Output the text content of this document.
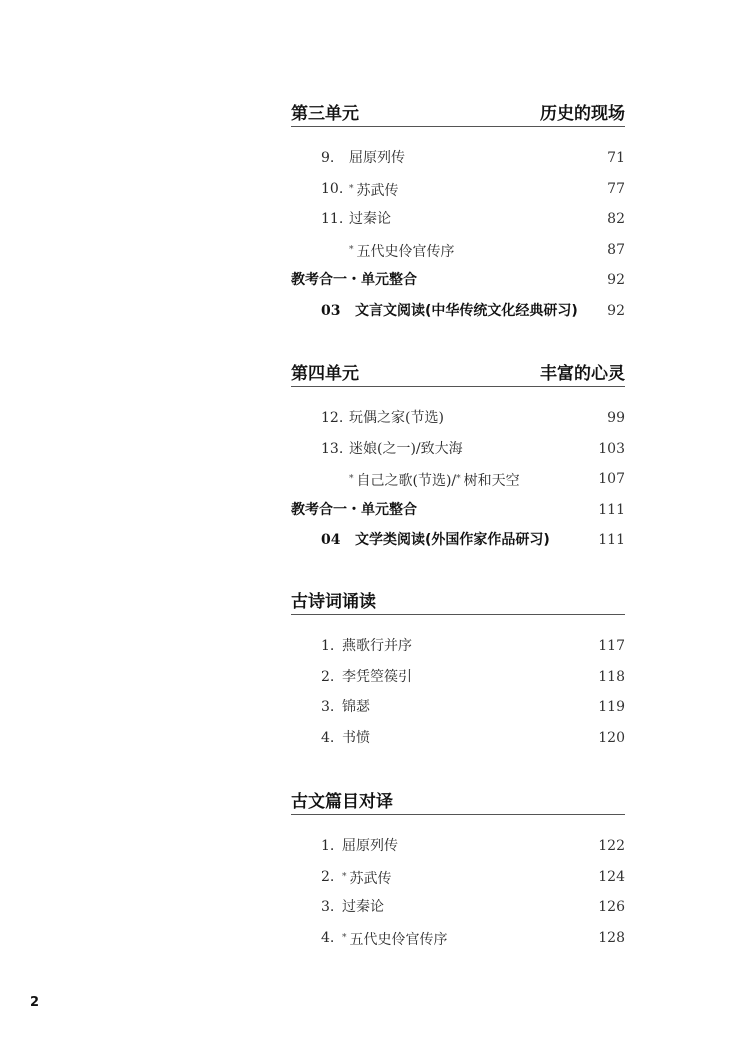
第三单元	历史的现场
9. 屈原列传	71
10. * 苏武传	77
11. 过秦论	82
* 五代史伶官传序	87
教考合一・单元整合	92
03 文言文阅读(中华传统文化经典研习) 92
第四单元	丰富的心灵
12. 玩偶之家(节选)	99
13. 迷娘(之一)/致大海	103
* 自己之歌(节选)/* 树和天空	107
教考合一・单元整合	111
04 文学类阅读(外国作家作品研习)	111
古诗词诵读
1. 燕歌行并序	117
2. 李凭箜篌引	118
3. 锦瑟	119
4. 书愤	120
古文篇目对译
1. 屈原列传	122
2. * 苏武传	124
3. 过秦论	126
4. * 五代史伶官传序	128
2
